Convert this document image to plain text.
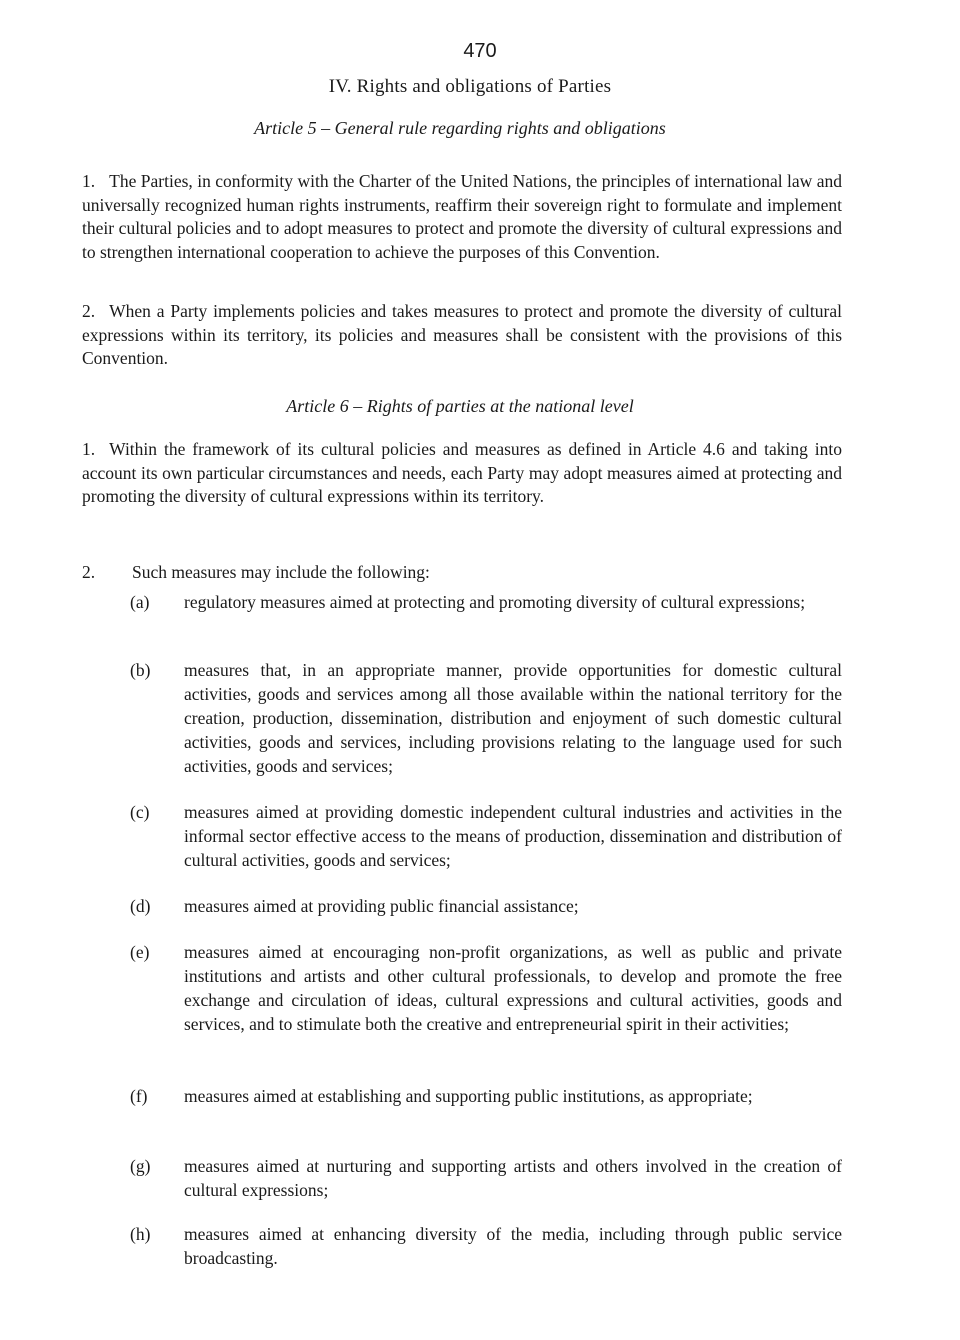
470
IV. Rights and obligations of Parties
Article 5 – General rule regarding rights and obligations
1. The Parties, in conformity with the Charter of the United Nations, the principles of international law and universally recognized human rights instruments, reaffirm their sovereign right to formulate and implement their cultural policies and to adopt measures to protect and promote the diversity of cultural expressions and to strengthen international cooperation to achieve the purposes of this Convention.
2. When a Party implements policies and takes measures to protect and promote the diversity of cultural expressions within its territory, its policies and measures shall be consistent with the provisions of this Convention.
Article 6 – Rights of parties at the national level
1. Within the framework of its cultural policies and measures as defined in Article 4.6 and taking into account its own particular circumstances and needs, each Party may adopt measures aimed at protecting and promoting the diversity of cultural expressions within its territory.
2. Such measures may include the following:
(a)	regulatory measures aimed at protecting and promoting diversity of cultural expressions;
(b)	measures that, in an appropriate manner, provide opportunities for domestic cultural activities, goods and services among all those available within the national territory for the creation, production, dissemination, distribution and enjoyment of such domestic cultural activities, goods and services, including provisions relating to the language used for such activities, goods and services;
(c)	measures aimed at providing domestic independent cultural industries and activities in the informal sector effective access to the means of production, dissemination and distribution of cultural activities, goods and services;
(d)	measures aimed at providing public financial assistance;
(e)	measures aimed at encouraging non-profit organizations, as well as public and private institutions and artists and other cultural professionals, to develop and promote the free exchange and circulation of ideas, cultural expressions and cultural activities, goods and services, and to stimulate both the creative and entrepreneurial spirit in their activities;
(f)	measures aimed at establishing and supporting public institutions, as appropriate;
(g)	measures aimed at nurturing and supporting artists and others involved in the creation of cultural expressions;
(h)	measures aimed at enhancing diversity of the media, including through public service broadcasting.
